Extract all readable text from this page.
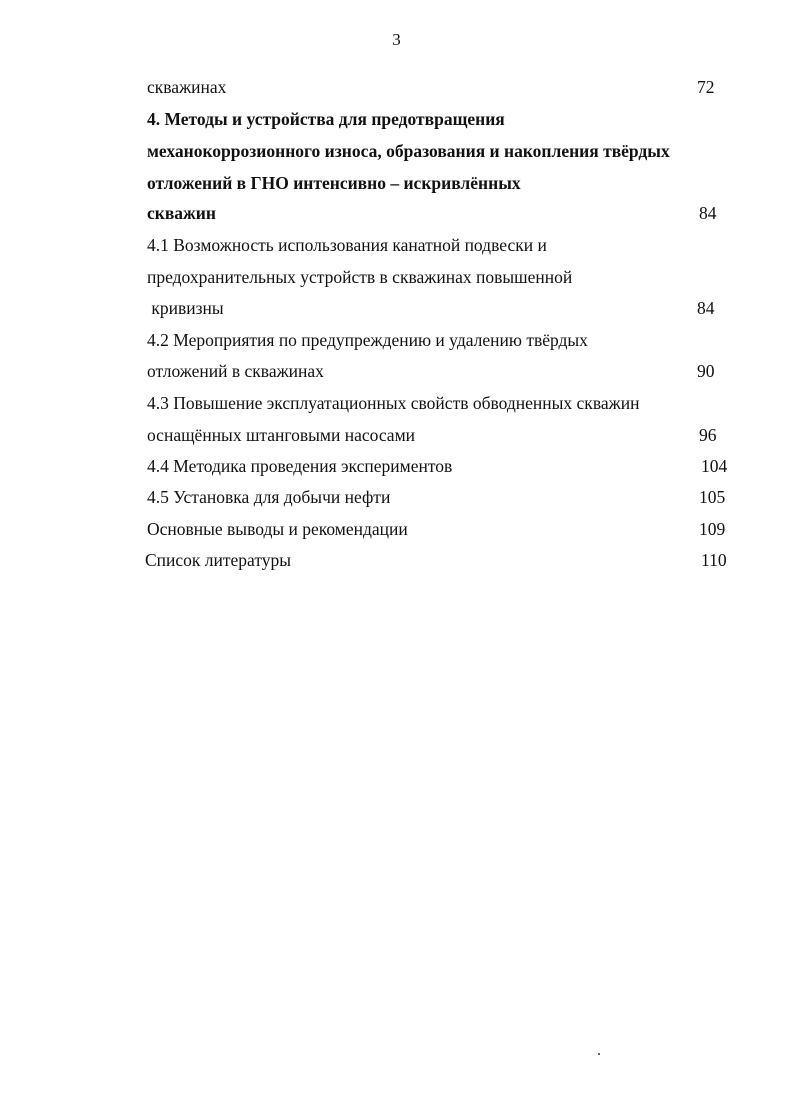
3
скважинах	72
4. Методы и устройства для предотвращения
механокоррозионного износа, образования и накопления твёрдых
отложений в ГНО интенсивно – искривлённых
скважин	84
4.1 Возможность использования канатной подвески и
предохранительных устройств в скважинах повышенной
кривизны	84
4.2 Мероприятия по предупреждению и удалению твёрдых
отложений в скважинах	90
4.3 Повышение эксплуатационных свойств обводненных скважин
оснащённых штанговыми насосами	96
4.4 Методика проведения экспериментов	104
4.5 Установка для добычи нефти	105
Основные выводы и рекомендации	109
Список литературы	110
